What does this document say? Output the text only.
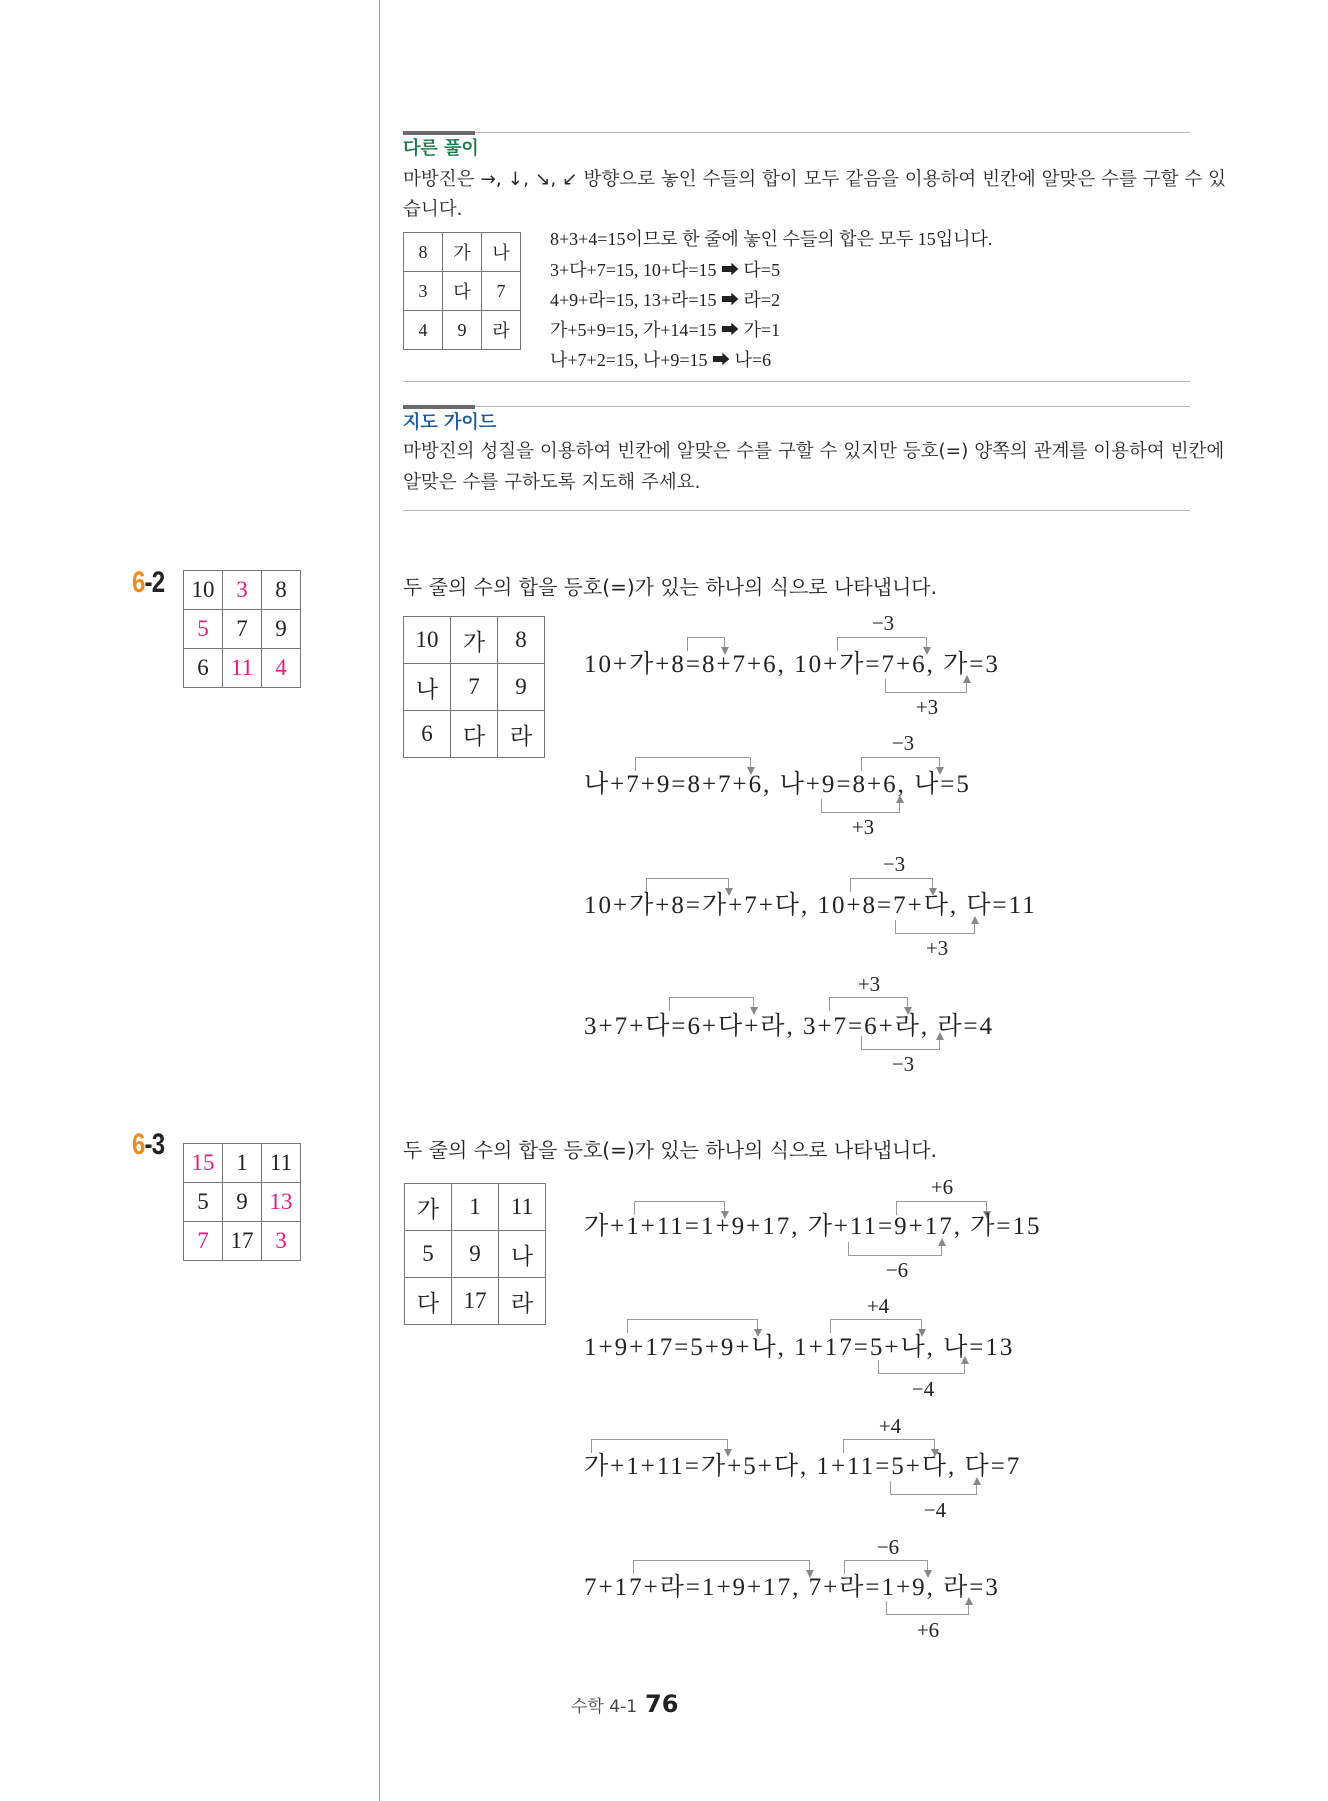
다른 풀이
마방진은 →, ↓, ↘, ↙ 방향으로 놓인 수들의 합이 모두 같음을 이용하여 빈칸에 알맞은 수를 구할 수 있
습니다.
8	가	나
3	다	7
4	9	라
8+3+4=15이므로 한 줄에 놓인 수들의 합은 모두 15입니다.
3+다+7=15, 10+다=15 ➡ 다=5
4+9+라=15, 13+라=15 ➡ 라=2
가+5+9=15, 가+14=15 ➡ 가=1
나+7+2=15, 나+9=15 ➡ 나=6
지도 가이드
마방진의 성질을 이용하여 빈칸에 알맞은 수를 구할 수 있지만 등호(=) 양쪽의 관계를 이용하여 빈칸에
알맞은 수를 구하도록 지도해 주세요.
10+가+8=8+7+6, 10+가=7+6, 가=3
나+7+9=8+7+6, 나+9=8+6, 나=5
10+가+8=가+7+다, 10+8=7+다, 다=11
3+7+다=6+다+라, 3+7=6+라, 라=4
가+1+11=1+9+17, 가+11=9+17, 가=15
1+9+17=5+9+나, 1+17=5+나, 나=13
가+1+11=가+5+다, 1+11=5+다, 다=7
7+17+라=1+9+17, 7+라=1+9, 라=3
6-2 10	3	8
5	7	9
6	11	4
두 줄의 수의 합을 등호(=)가 있는 하나의 식으로 나타냅니다.
10	가	8
나	7	9
6	다	라
−3
+3
−3
+3
−3
+3
+3
−3
6-3
15	1	11
5	9	13
7	17	3
두 줄의 수의 합을 등호(=)가 있는 하나의 식으로 나타냅니다.
가	1	11
5	9	나
다	17	라
+6
−6
+4
−4
+4
−4
−6
+6
수학 4-1 76
